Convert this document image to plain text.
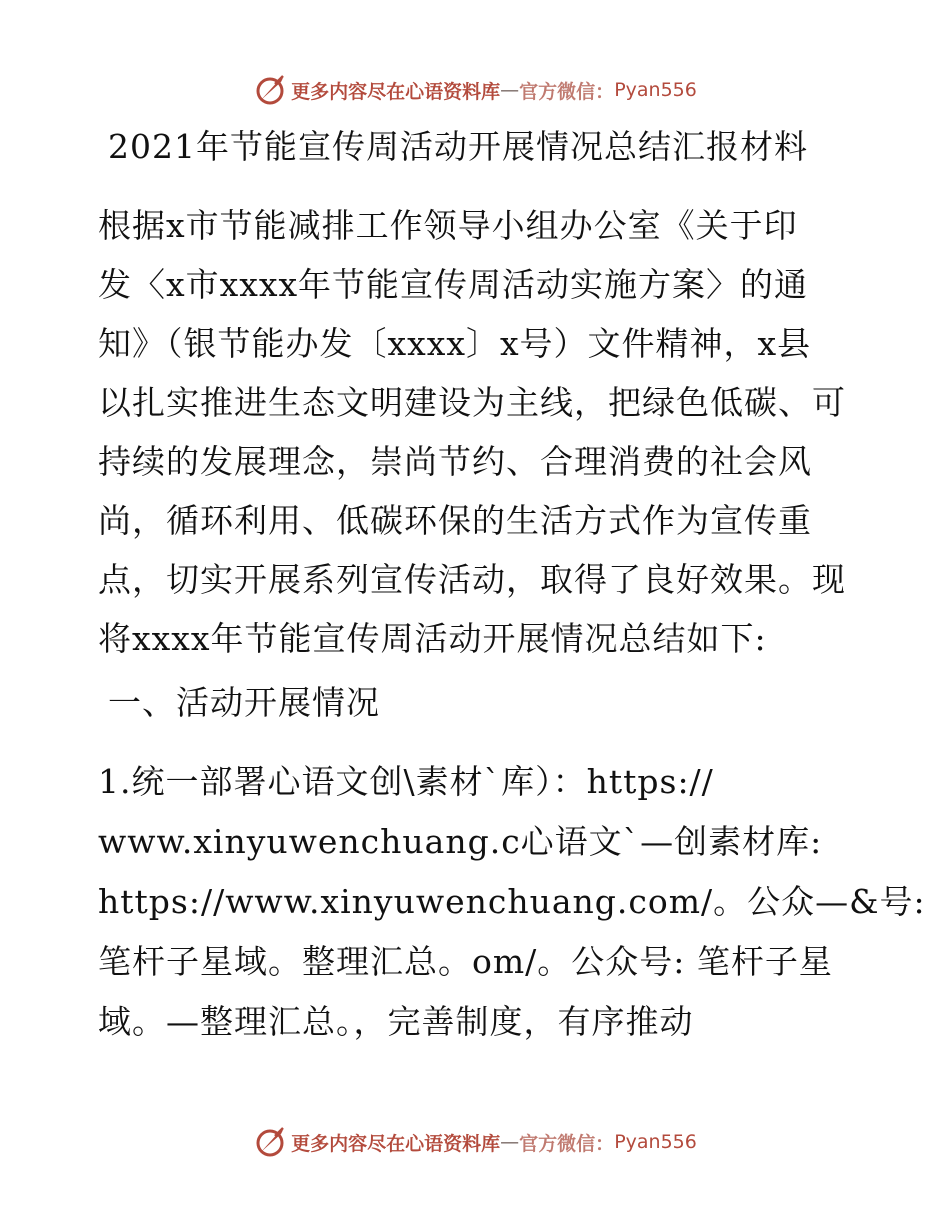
更多内容尽在心语资料库 — 官方微信： Pyan556
2021年节能宣传周活动开展情况总结汇报材料
根据x市节能减排工作领导小组办公室《关于印
发〈x市xxxx年节能宣传周活动实施方案〉的通
知》（银节能办发〔xxxx〕x号）文件精神，x县
以扎实推进生态文明建设为主线，把绿色低碳、可
持续的发展理念，崇尚节约、合理消费的社会风
尚，循环利用、低碳环保的生活方式作为宣传重
点，切实开展系列宣传活动，取得了良好效果。现
将xxxx年节能宣传周活动开展情况总结如下:
一、活动开展情况
1.统一部署心语文创\素材`库）：https://
www.xinyuwenchuang.c心语文`—创素材库:
https://www.xinyuwenchuang.com/。公众—&号:
笔杆子星域。整理汇总。om/。公众号: 笔杆子星
域。—整理汇总。，完善制度，有序推动
更多内容尽在心语资料库 — 官方微信： Pyan556
